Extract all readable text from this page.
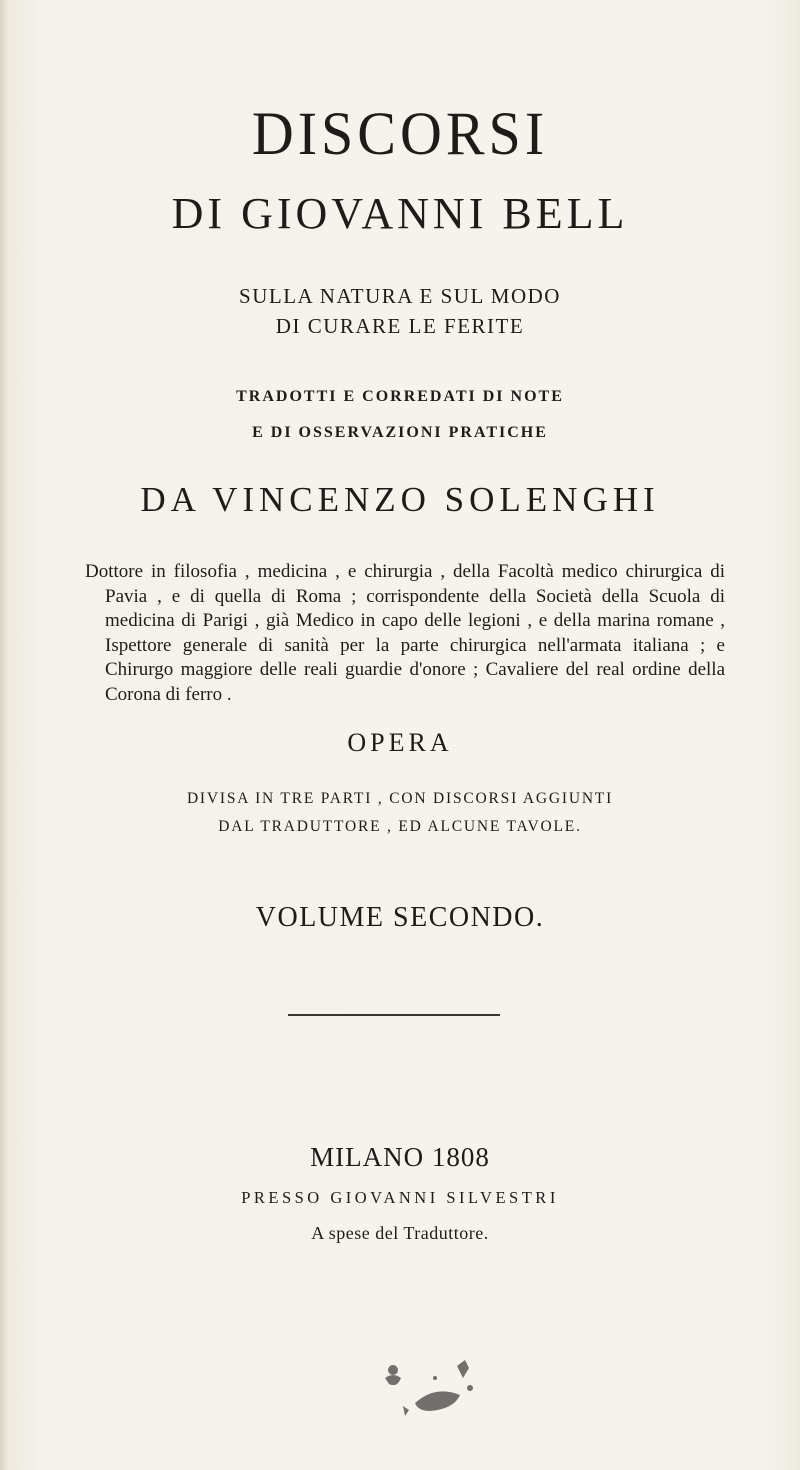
DISCORSI
DI GIOVANNI BELL
SULLA NATURA E SUL MODO
DI CURARE LE FERITE
TRADOTTI E CORREDATI DI NOTE
E DI OSSERVAZIONI PRATICHE
DA VINCENZO SOLENGHI

Dottore in filosofia , medicina , e chirurgia , della Facoltà medico chirurgica di Pavia , e di quella di Roma ; corrispondente della Società della Scuola di medicina di Parigi , già Medico in capo delle legioni , e della marina romane , Ispettore generale di sanità per la parte chirurgica nell'armata italiana ; e Chirurgo maggiore delle reali guardie d'onore ; Cavaliere del real ordine della Corona di ferro .

OPERA
DIVISA IN TRE PARTI , CON DISCORSI AGGIUNTI
DAL TRADUTTORE , ED ALCUNE TAVOLE.
VOLUME SECONDO.
MILANO 1808
PRESSO GIOVANNI SILVESTRI
A spese del Traduttore.
